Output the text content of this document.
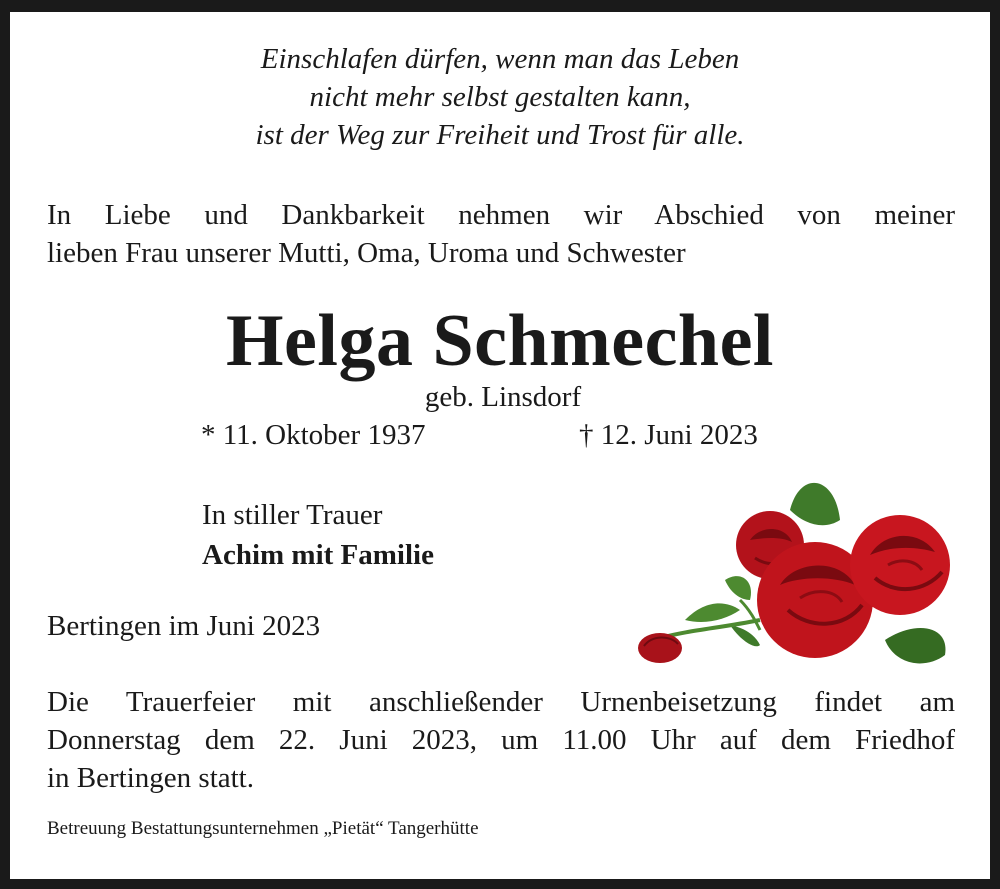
Einschlafen dürfen, wenn man das Leben
nicht mehr selbst gestalten kann,
ist der Weg zur Freiheit und Trost für alle.
In Liebe und Dankbarkeit nehmen wir Abschied von meiner
lieben Frau unserer Mutti, Oma, Uroma und Schwester
Helga Schmechel
geb. Linsdorf
* 11. Oktober 1937	† 12. Juni 2023
In stiller Trauer
Achim mit Familie
Bertingen im Juni 2023
Die Trauerfeier mit anschließender Urnenbeisetzung findet am
Donnerstag dem 22. Juni 2023, um 11.00 Uhr auf dem Friedhof
in Bertingen statt.
Betreuung Bestattungsunternehmen „Pietät“ Tangerhütte
